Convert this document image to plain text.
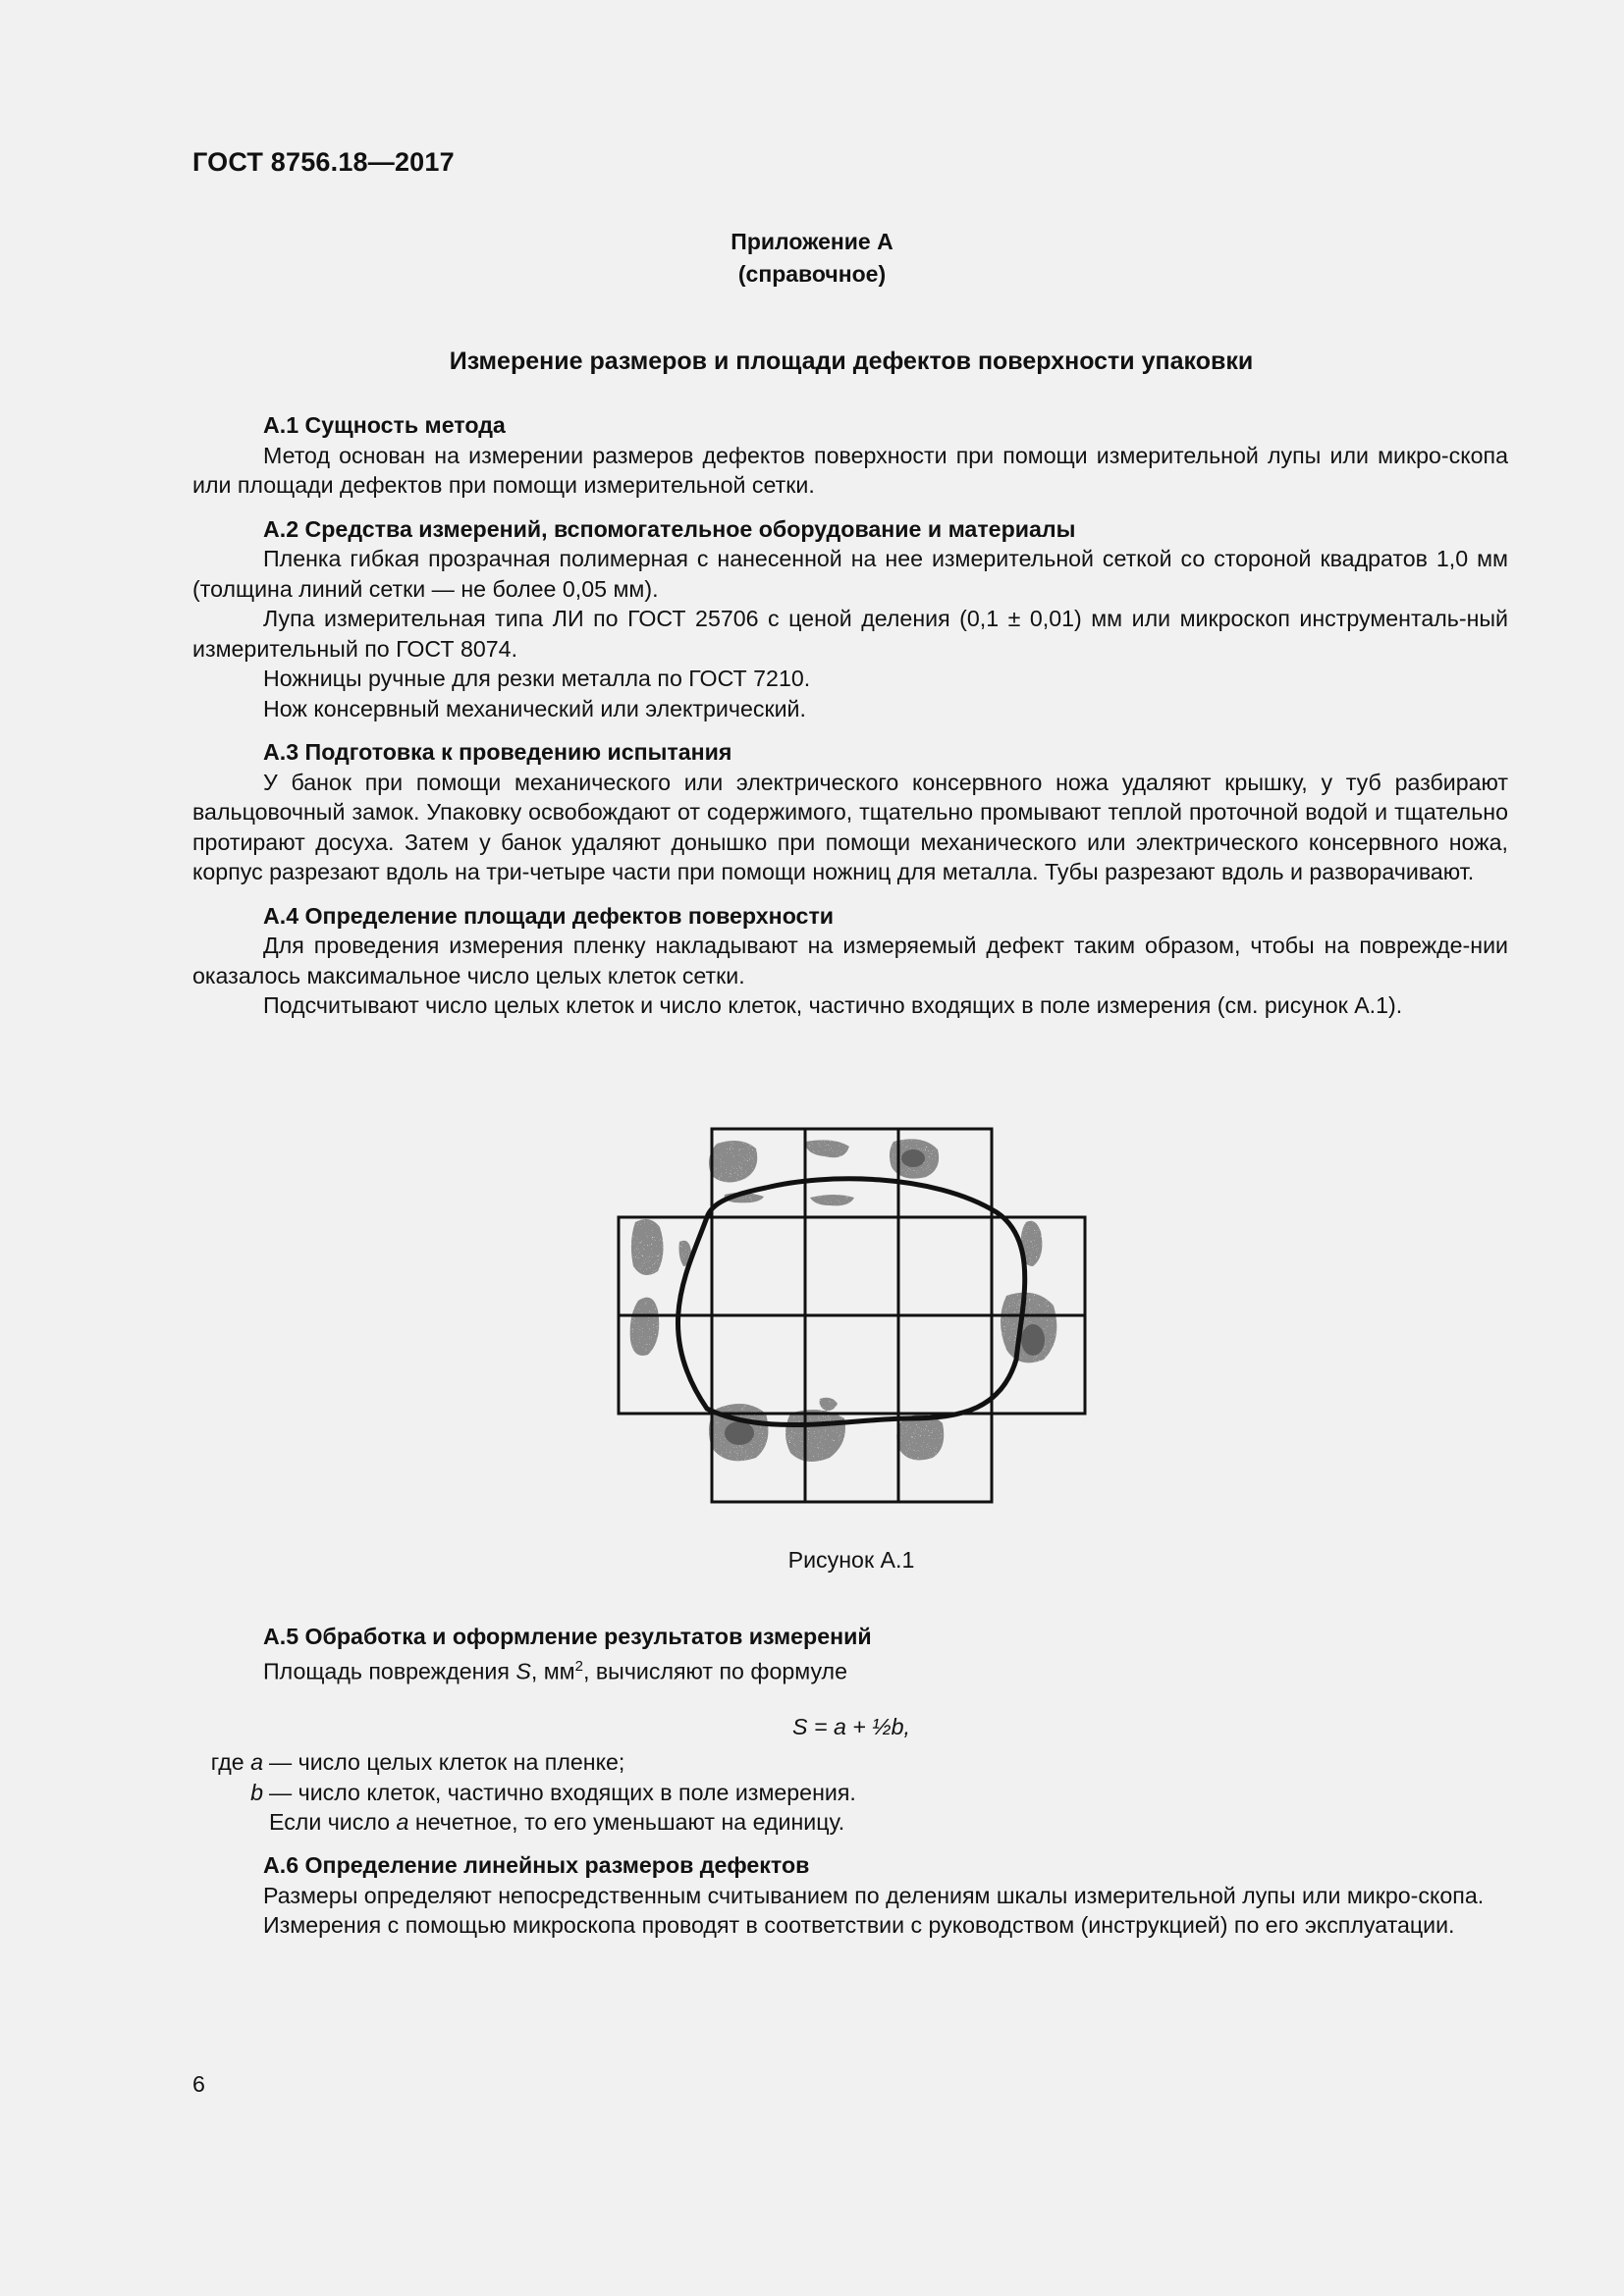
ГОСТ 8756.18—2017
Приложение А
(справочное)
Измерение размеров и площади дефектов поверхности упаковки
А.1 Сущность метода

Метод основан на измерении размеров дефектов поверхности при помощи измерительной лупы или микро-скопа или площади дефектов при помощи измерительной сетки.

А.2 Средства измерений, вспомогательное оборудование и материалы

Пленка гибкая прозрачная полимерная с нанесенной на нее измерительной сеткой со стороной квадратов 1,0 мм (толщина линий сетки — не более 0,05 мм).

Лупа измерительная типа ЛИ по ГОСТ 25706 с ценой деления (0,1 ± 0,01) мм или микроскоп инструменталь-ный измерительный по ГОСТ 8074.

Ножницы ручные для резки металла по ГОСТ 7210.

Нож консервный механический или электрический.

А.3 Подготовка к проведению испытания

У банок при помощи механического или электрического консервного ножа удаляют крышку, у туб разбирают вальцовочный замок. Упаковку освобождают от содержимого, тщательно промывают теплой проточной водой и тщательно протирают досуха. Затем у банок удаляют донышко при помощи механического или электрического консервного ножа, корпус разрезают вдоль на три-четыре части при помощи ножниц для металла. Тубы разрезают вдоль и разворачивают.

А.4 Определение площади дефектов поверхности

Для проведения измерения пленку накладывают на измеряемый дефект таким образом, чтобы на поврежде-нии оказалось максимальное число целых клеток сетки.

Подсчитывают число целых клеток и число клеток, частично входящих в поле измерения (см. рисунок А.1).

Рисунок А.1
А.5 Обработка и оформление результатов измерений

Площадь повреждения S, $мм^2$, вычисляют по формуле

S = a + ½b,
где a — число целых клеток на пленке;
b — число клеток, частично входящих в поле измерения.
Если число a нечетное, то его уменьшают на единицу.
А.6 Определение линейных размеров дефектов

Размеры определяют непосредственным считыванием по делениям шкалы измерительной лупы или микро-скопа.

Измерения с помощью микроскопа проводят в соответствии с руководством (инструкцией) по его эксплуатации.

6
